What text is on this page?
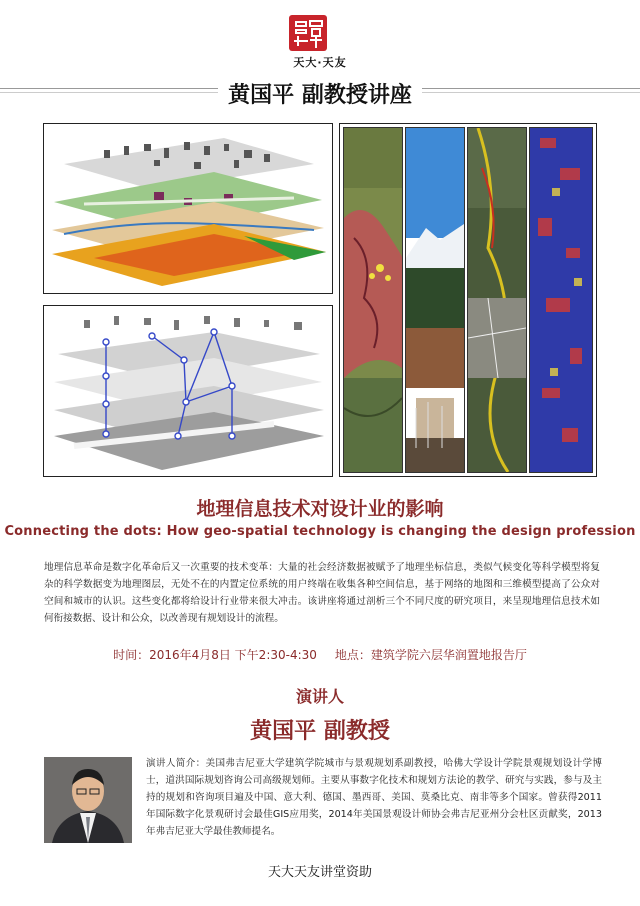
天大·天友
黄国平 副教授讲座
地理信息技术对设计业的影响
Connecting the dots: How geo-spatial technology is changing the design profession
地理信息革命是数字化革命后又一次重要的技术变革：大量的社会经济数据被赋予了地理坐标信息，类似气候变化等科学模型将复杂的科学数据变为地理图层，无处不在的内置定位系统的用户终端在收集各种空间信息，基于网络的地图和三维模型提高了公众对空间和城市的认识。这些变化都将给设计行业带来很大冲击。该讲座将通过剖析三个不同尺度的研究项目，来呈现地理信息技术如何衔接数据、设计和公众，以改善现有规划设计的流程。
时间：2016年4月8日 下午2:30-4:30 地点：建筑学院六层华润置地报告厅
演讲人
黄国平 副教授
演讲人简介：美国弗吉尼亚大学建筑学院城市与景观规划系副教授，哈佛大学设计学院景观规划设计学博士，道洪国际规划咨询公司高级规划师。主要从事数字化技术和规划方法论的教学、研究与实践，参与及主持的规划和咨询项目遍及中国、意大利、德国、墨西哥、美国、莫桑比克、南非等多个国家。曾获得2011年国际数字化景观研讨会最佳GIS应用奖，2014年美国景观设计师协会弗吉尼亚州分会杜区贡献奖，2013年弗吉尼亚大学最佳教师提名。
天大天友讲堂资助
